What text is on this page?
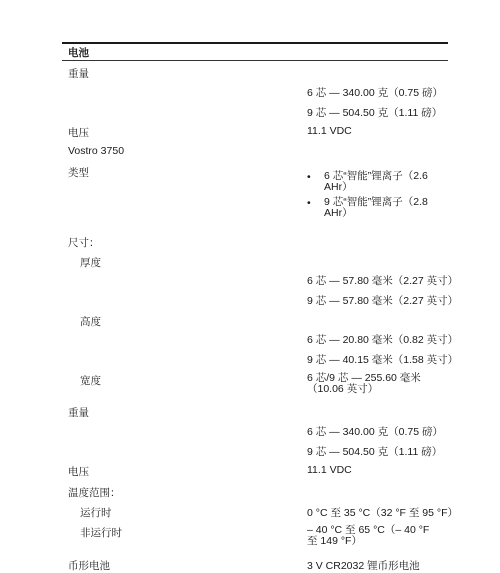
电池
重量
6 芯 — 340.00 克（0.75 磅）
9 芯 — 504.50 克（1.11 磅）
电压	11.1 VDC
Vostro 3750
类型	• 6 芯“智能”锂离子（2.6 AHr）
• 9 芯“智能”锂离子（2.8 AHr）
尺寸：
厚度
6 芯 — 57.80 毫米（2.27 英寸）
9 芯 — 57.80 毫米（2.27 英寸）
高度
6 芯 — 20.80 毫米（0.82 英寸）
9 芯 — 40.15 毫米（1.58 英寸）
宽度	6 芯/9 芯 — 255.60 毫米（10.06 英寸）
重量
6 芯 — 340.00 克（0.75 磅）
9 芯 — 504.50 克（1.11 磅）
电压	11.1 VDC
温度范围：
运行时	0 °C 至 35 °C（32 °F 至 95 °F）
非运行时	– 40 °C 至 65 °C（– 40 °F 至 149 °F）
币形电池	3 V CR2032 锂币形电池
